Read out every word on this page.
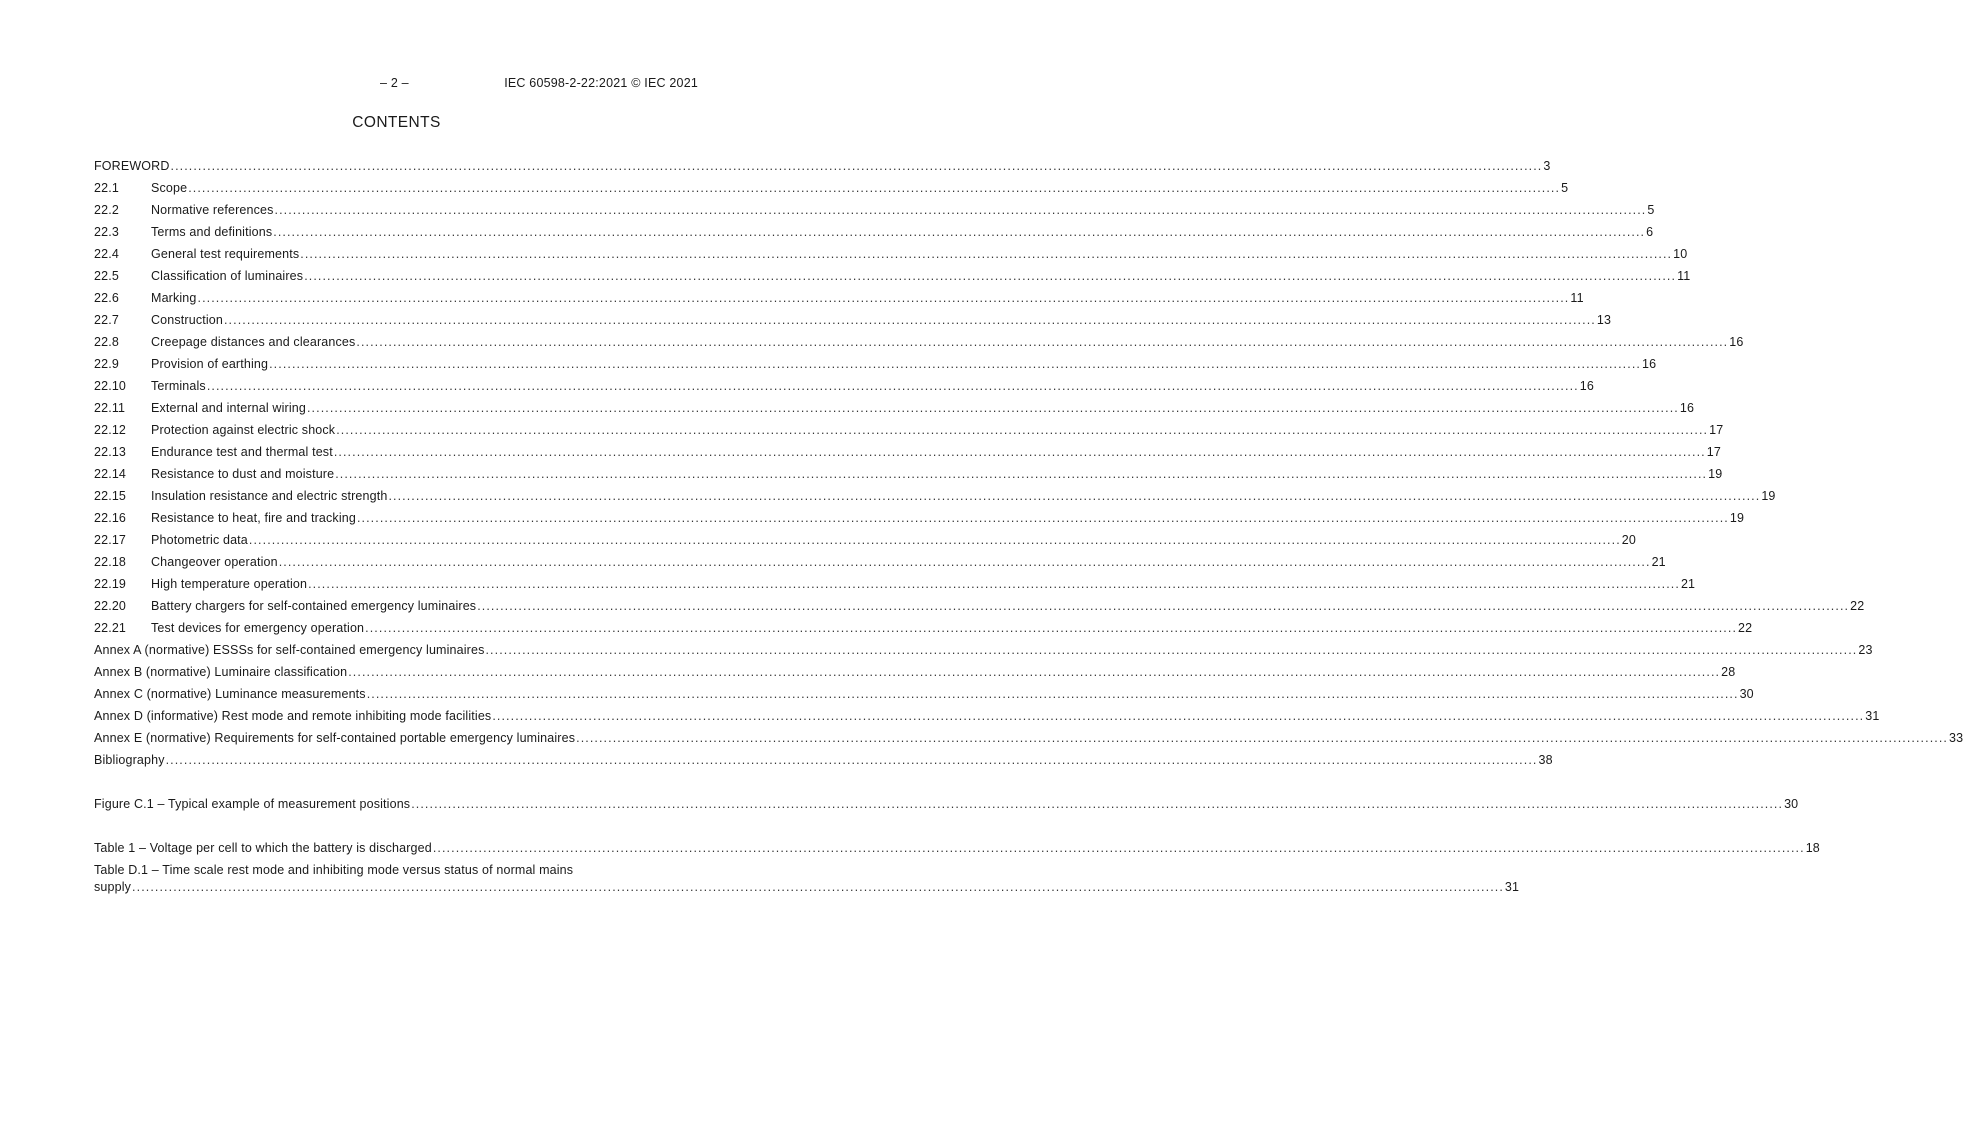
– 2 –	IEC 60598-2-22:2021 © IEC 2021
CONTENTS
FOREWORD ............................................................................................................................................................................................................................................................................................................ 3
22.1	Scope ............................................................................................................................................................................................................................................................................................................ 5
22.2	Normative references ............................................................................................................................................................................................................................................................................................................ 5
22.3	Terms and definitions ............................................................................................................................................................................................................................................................................................................ 6
22.4	General test requirements ............................................................................................................................................................................................................................................................................................................ 10
22.5	Classification of luminaires ............................................................................................................................................................................................................................................................................................................ 11
22.6	Marking ............................................................................................................................................................................................................................................................................................................ 11
22.7	Construction ............................................................................................................................................................................................................................................................................................................ 13
22.8	Creepage distances and clearances ............................................................................................................................................................................................................................................................................................................ 16
22.9	Provision of earthing ............................................................................................................................................................................................................................................................................................................ 16
22.10	Terminals ............................................................................................................................................................................................................................................................................................................ 16
22.11	External and internal wiring ............................................................................................................................................................................................................................................................................................................ 16
22.12	Protection against electric shock ............................................................................................................................................................................................................................................................................................................ 17
22.13	Endurance test and thermal test ............................................................................................................................................................................................................................................................................................................ 17
22.14	Resistance to dust and moisture ............................................................................................................................................................................................................................................................................................................ 19
22.15	Insulation resistance and electric strength ............................................................................................................................................................................................................................................................................................................ 19
22.16	Resistance to heat, fire and tracking ............................................................................................................................................................................................................................................................................................................ 19
22.17	Photometric data ............................................................................................................................................................................................................................................................................................................ 20
22.18	Changeover operation ............................................................................................................................................................................................................................................................................................................ 21
22.19	High temperature operation ............................................................................................................................................................................................................................................................................................................ 21
22.20	Battery chargers for self-contained emergency luminaires ............................................................................................................................................................................................................................................................................................................ 22
22.21	Test devices for emergency operation ............................................................................................................................................................................................................................................................................................................ 22
Annex A (normative) ESSSs for self-contained emergency luminaires ............................................................................................................................................................................................................................................................................................................ 23
Annex B (normative) Luminaire classification ............................................................................................................................................................................................................................................................................................................ 28
Annex C (normative) Luminance measurements ............................................................................................................................................................................................................................................................................................................ 30
Annex D (informative) Rest mode and remote inhibiting mode facilities ............................................................................................................................................................................................................................................................................................................ 31
Annex E (normative) Requirements for self-contained portable emergency luminaires ............................................................................................................................................................................................................................................................................................................ 33
Bibliography ............................................................................................................................................................................................................................................................................................................ 38
Figure C.1 – Typical example of measurement positions ............................................................................................................................................................................................................................................................................................................ 30
Table 1 – Voltage per cell to which the battery is discharged ............................................................................................................................................................................................................................................................................................................ 18
Table D.1 – Time scale rest mode and inhibiting mode versus status of normal mains
supply ............................................................................................................................................................................................................................................................................................................ 31
